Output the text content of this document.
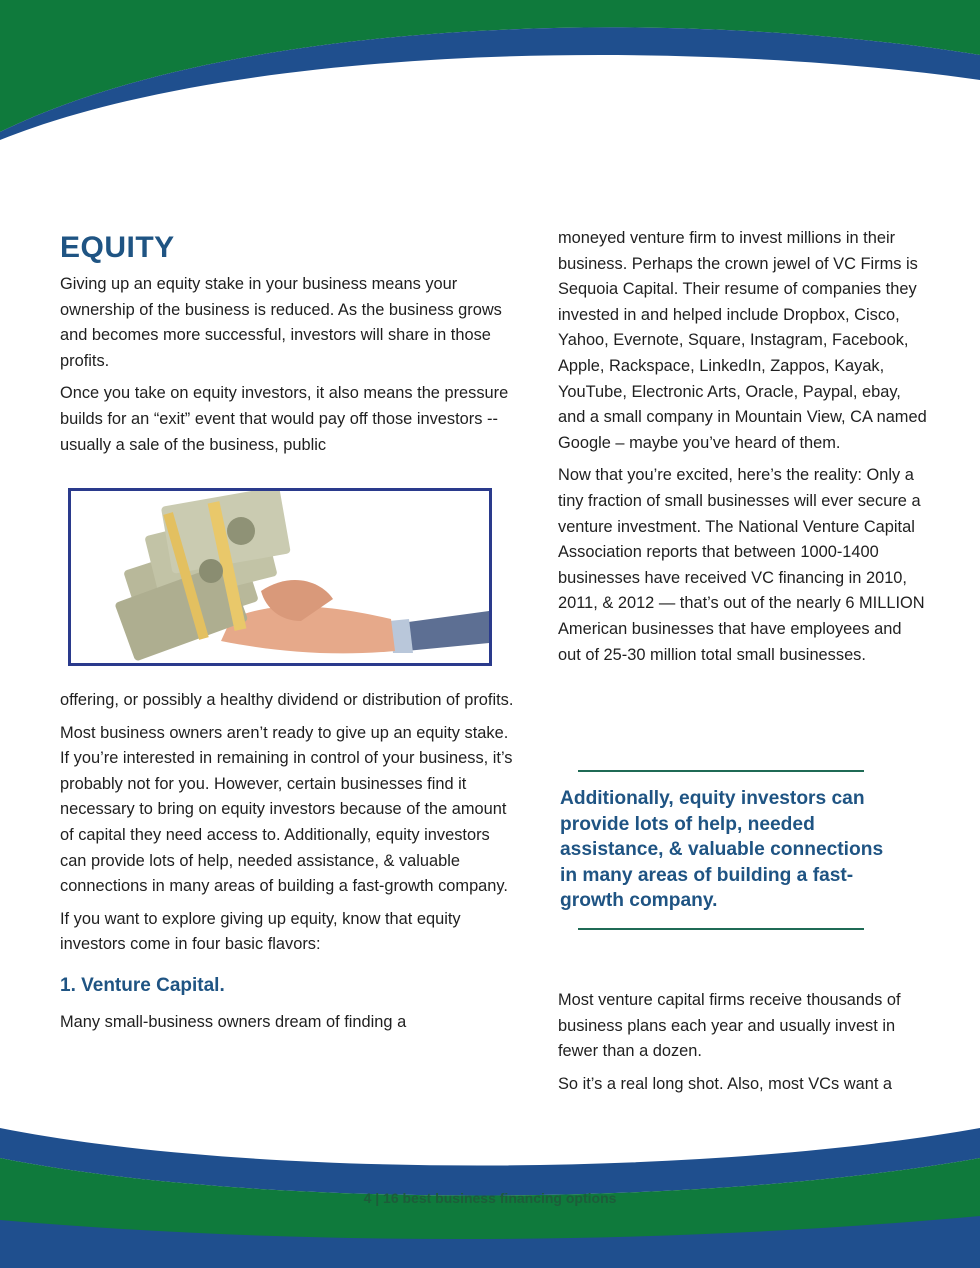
EQUITY

Giving up an equity stake in your business means your ownership of the business is reduced. As the business grows and becomes more successful, investors will share in those profits.

Once you take on equity investors, it also means the pressure builds for an “exit” event that would pay off those investors -- usually a sale of the business, public

offering, or possibly a healthy dividend or distribution of profits.

Most business owners aren’t ready to give up an equity stake. If you’re interested in remaining in control of your business, it’s probably not for you. However, certain businesses find it necessary to bring on equity investors because of the amount of capital they need access to. Additionally, equity investors can provide lots of help, needed assistance, & valuable connections in many areas of building a fast-growth company.

If you want to explore giving up equity, know that equity investors come in four basic flavors:

1. Venture Capital.

Many small-business owners dream of finding a

moneyed venture firm to invest millions in their business. Perhaps the crown jewel of VC Firms is Sequoia Capital. Their resume of companies they invested in and helped include Dropbox, Cisco, Yahoo, Evernote, Square, Instagram, Facebook, Apple, Rackspace, LinkedIn, Zappos, Kayak, YouTube, Electronic Arts, Oracle, Paypal, ebay, and a small company in Mountain View, CA named Google – maybe you’ve heard of them.

Now that you’re excited, here’s the reality: Only a tiny fraction of small businesses will ever secure a venture investment. The National Venture Capital Association reports that between 1000-1400 businesses have received VC financing in 2010, 2011, & 2012 — that’s out of the nearly 6 MILLION American businesses that have employees and out of 25-30 million total small businesses.

Most venture capital firms receive thousands of business plans each year and usually invest in fewer than a dozen.

So it’s a real long shot. Also, most VCs want a

Additionally, equity investors can provide lots of help, needed assistance, & valuable connections in many areas of building a fast-growth company.
4 | 16 best business financing options
